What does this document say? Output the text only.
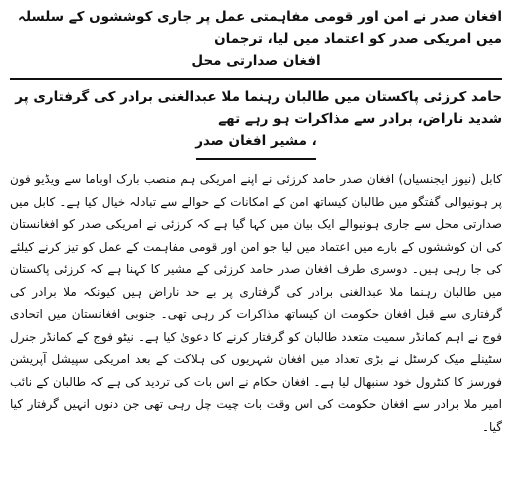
افغان صدر نے امن اور قومی مفاہمتی عمل پر جاری کوششوں کے سلسلہ میں امریکی صدر کو اعتماد میں لیا، ترجمان

افغان صدارتی محل

حامد کرزئی پاکستان میں طالبان رہنما ملا عبدالغنی برادر کی گرفتاری پر شدید ناراض، برادر سے مذاکرات ہو رہے تھے

، مشیر افغان صدر

کابل (نیوز ایجنسیاں) افغان صدر حامد کرزئی نے اپنے امریکی ہم منصب بارک اوباما سے ویڈیو فون پر ہونیوالی گفتگو میں طالبان کیساتھ امن کے امکانات کے حوالے سے تبادلہ خیال کیا ہے۔ کابل میں صدارتی محل سے جاری ہونیوالے ایک بیان میں کہا گیا ہے کہ کرزئی نے امریکی صدر کو افغانستان کی ان کوششوں کے بارے میں اعتماد میں لیا جو امن اور قومی مفاہمت کے عمل کو تیز کرنے کیلئے کی جا رہی ہیں۔ دوسری طرف افغان صدر حامد کرزئی کے مشیر کا کہنا ہے کہ کرزئی پاکستان میں طالبان رہنما ملا عبدالغنی برادر کی گرفتاری پر بے حد ناراض ہیں کیونکہ ملا برادر کی گرفتاری سے قبل افغان حکومت ان کیساتھ مذاکرات کر رہی تھی۔ جنوبی افغانستان میں اتحادی فوج نے اہم کمانڈر سمیت متعدد طالبان کو گرفتار کرنے کا دعویٰ کیا ہے۔ نیٹو فوج کے کمانڈر جنرل سٹینلے میک کرسٹل نے بڑی تعداد میں افغان شہریوں کی ہلاکت کے بعد امریکی سپیشل آپریشن فورسز کا کنٹرول خود سنبھال لیا ہے۔ افغان حکام نے اس بات کی تردید کی ہے کہ طالبان کے نائب امیر ملا برادر سے افغان حکومت کی اس وقت بات چیت چل رہی تھی جن دنوں انہیں گرفتار کیا گیا۔
